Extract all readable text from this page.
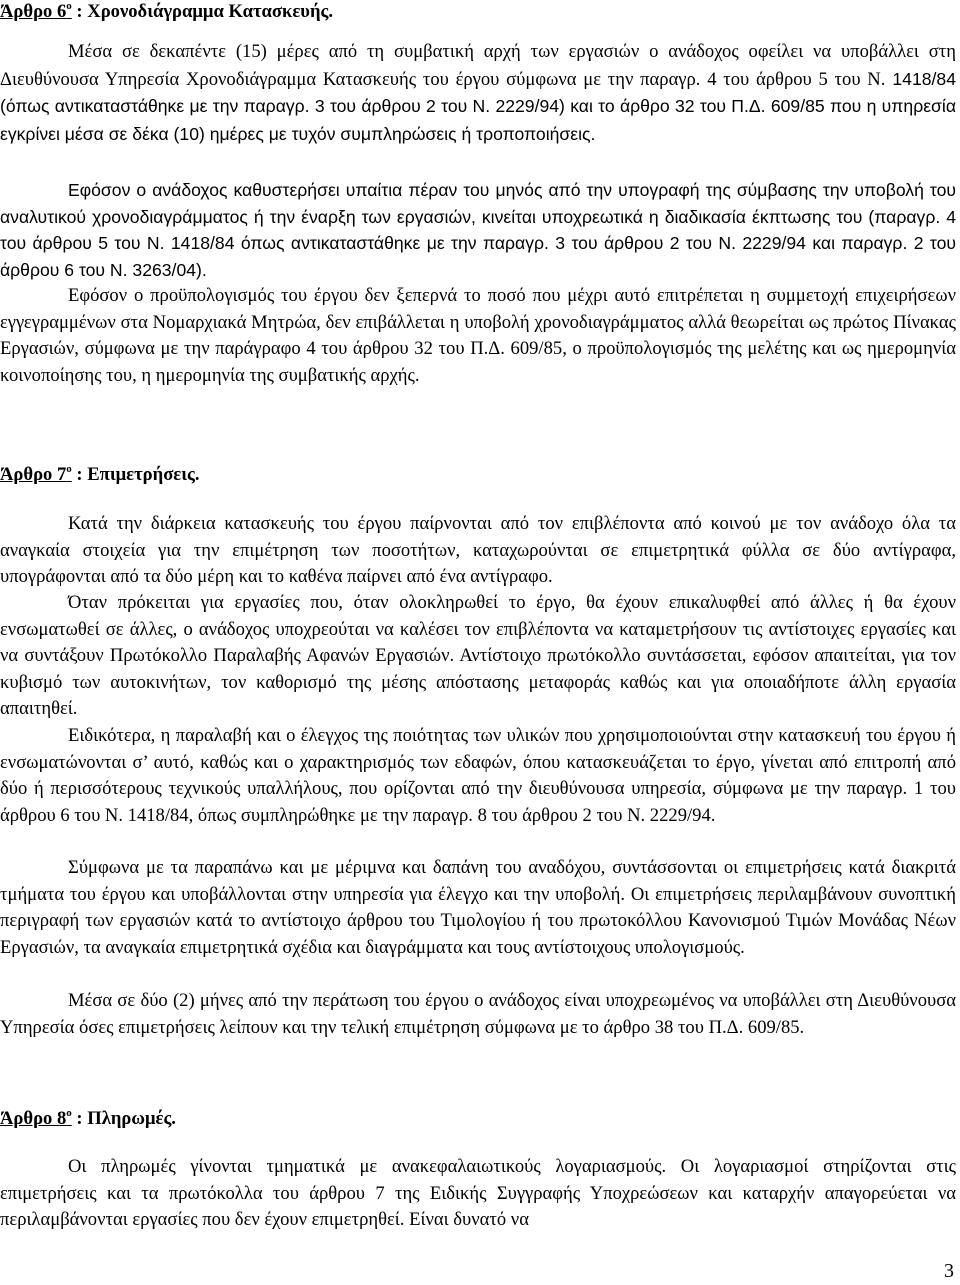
Άρθρο $6^o$ : Χρονοδιάγραμμα Κατασκευής.
Μέσα σε δεκαπέντε (15) μέρες από τη συμβατική αρχή των εργασιών ο ανάδοχος οφείλει να υποβάλλει στη Διευθύνουσα Υπηρεσία Χρονοδιάγραμμα Κατασκευής του έργου σύμφωνα με την παραγρ. 4 του άρθρου 5 του Ν. 1418/84 (όπως αντικαταστάθηκε με την παραγρ. 3 του άρθρου 2 του Ν. 2229/94) και το άρθρο 32 του Π.Δ. 609/85 που η υπηρεσία εγκρίνει μέσα σε δέκα (10) ημέρες με τυχόν συμπληρώσεις ή τροποποιήσεις.
Εφόσον ο ανάδοχος καθυστερήσει υπαίτια πέραν του μηνός από την υπογραφή της σύμβασης την υποβολή του αναλυτικού χρονοδιαγράμματος ή την έναρξη των εργασιών, κινείται υποχρεωτικά η διαδικασία έκπτωσης του (παραγρ. 4 του άρθρου 5 του Ν. 1418/84 όπως αντικαταστάθηκε με την παραγρ. 3 του άρθρου 2 του Ν. 2229/94 και παραγρ. 2 του άρθρου 6 του Ν. 3263/04).
Εφόσον ο προϋπολογισμός του έργου δεν ξεπερνά το ποσό που μέχρι αυτό επιτρέπεται η συμμετοχή επιχειρήσεων εγγεγραμμένων στα Νομαρχιακά Μητρώα, δεν επιβάλλεται η υποβολή χρονοδιαγράμματος αλλά θεωρείται ως πρώτος Πίνακας Εργασιών, σύμφωνα με την παράγραφο 4 του άρθρου 32 του Π.Δ. 609/85, ο προϋπολογισμός της μελέτης και ως ημερομηνία κοινοποίησης του, η ημερομηνία της συμβατικής αρχής.
Άρθρο $7^o$ : Επιμετρήσεις.
Κατά την διάρκεια κατασκευής του έργου παίρνονται από τον επιβλέποντα από κοινού με τον ανάδοχο όλα τα αναγκαία στοιχεία για την επιμέτρηση των ποσοτήτων, καταχωρούνται σε επιμετρητικά φύλλα σε δύο αντίγραφα, υπογράφονται από τα δύο μέρη και το καθένα παίρνει από ένα αντίγραφο.
Όταν πρόκειται για εργασίες που, όταν ολοκληρωθεί το έργο, θα έχουν επικαλυφθεί από άλλες ή θα έχουν ενσωματωθεί σε άλλες, ο ανάδοχος υποχρεούται να καλέσει τον επιβλέποντα να καταμετρήσουν τις αντίστοιχες εργασίες και να συντάξουν Πρωτόκολλο Παραλαβής Αφανών Εργασιών. Αντίστοιχο πρωτόκολλο συντάσσεται, εφόσον απαιτείται, για τον κυβισμό των αυτοκινήτων, τον καθορισμό της μέσης απόστασης μεταφοράς καθώς και για οποιαδήποτε άλλη εργασία απαιτηθεί.
Ειδικότερα, η παραλαβή και ο έλεγχος της ποιότητας των υλικών που χρησιμοποιούνται στην κατασκευή του έργου ή ενσωματώνονται σ’ αυτό, καθώς και ο χαρακτηρισμός των εδαφών, όπου κατασκευάζεται το έργο, γίνεται από επιτροπή από δύο ή περισσότερους τεχνικούς υπαλλήλους, που ορίζονται από την διευθύνουσα υπηρεσία, σύμφωνα με την παραγρ. 1 του άρθρου 6 του Ν. 1418/84, όπως συμπληρώθηκε με την παραγρ. 8 του άρθρου 2 του Ν. 2229/94.
Σύμφωνα με τα παραπάνω και με μέριμνα και δαπάνη του αναδόχου, συντάσσονται οι επιμετρήσεις κατά διακριτά τμήματα του έργου και υποβάλλονται στην υπηρεσία για έλεγχο και την υποβολή. Οι επιμετρήσεις περιλαμβάνουν συνοπτική περιγραφή των εργασιών κατά το αντίστοιχο άρθρου του Τιμολογίου ή του πρωτοκόλλου Κανονισμού Τιμών Μονάδας Νέων Εργασιών, τα αναγκαία επιμετρητικά σχέδια και διαγράμματα και τους αντίστοιχους υπολογισμούς.
Μέσα σε δύο (2) μήνες από την περάτωση του έργου ο ανάδοχος είναι υποχρεωμένος να υποβάλλει στη Διευθύνουσα Υπηρεσία όσες επιμετρήσεις λείπουν και την τελική επιμέτρηση σύμφωνα με το άρθρο 38 του Π.Δ. 609/85.
Άρθρο $8^o$ : Πληρωμές.
Οι πληρωμές γίνονται τμηματικά με ανακεφαλαιωτικούς λογαριασμούς. Οι λογαριασμοί στηρίζονται στις επιμετρήσεις και τα πρωτόκολλα του άρθρου 7 της Ειδικής Συγγραφής Υποχρεώσεων και καταρχήν απαγορεύεται να περιλαμβάνονται εργασίες που δεν έχουν επιμετρηθεί. Είναι δυνατό να
3
